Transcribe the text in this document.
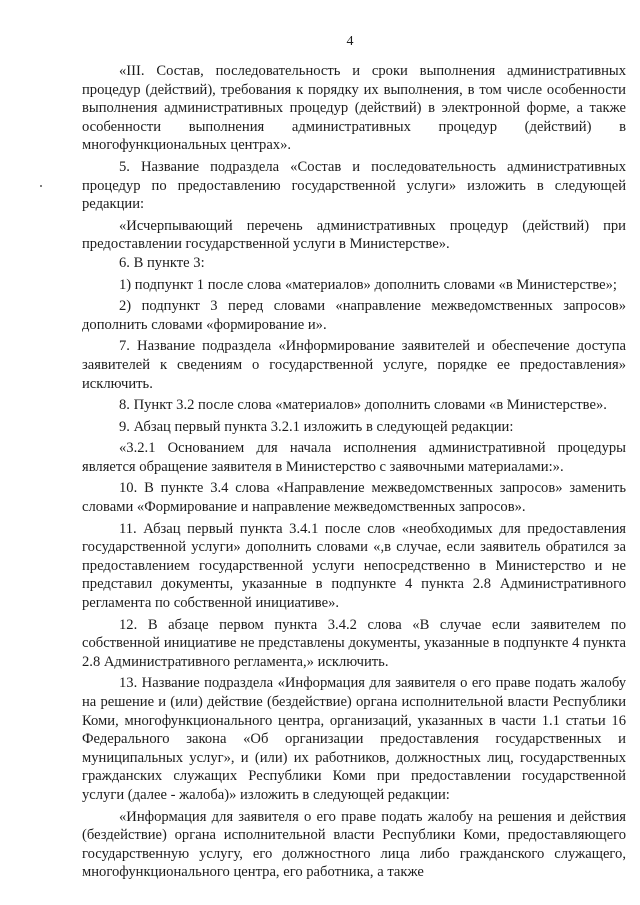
4

«III. Состав, последовательность и сроки выполнения административных процедур (действий), требования к порядку их выполнения, в том числе особенности выполнения административных процедур (действий) в электронной форме, а также особенности выполнения административных процедур (действий) в многофункциональных центрах».

5. Название подраздела «Состав и последовательность административных процедур по предоставлению государственной услуги» изложить в следующей редакции:

«Исчерпывающий перечень административных процедур (действий) при предоставлении государственной услуги в Министерстве».

6. В пункте 3:

1) подпункт 1 после слова «материалов» дополнить словами «в Министерстве»;

2) подпункт 3 перед словами «направление межведомственных запросов» дополнить словами «формирование и».

7. Название подраздела «Информирование заявителей и обеспечение доступа заявителей к сведениям о государственной услуге, порядке ее предоставления» исключить.

8. Пункт 3.2 после слова «материалов» дополнить словами «в Министерстве».

9. Абзац первый пункта 3.2.1 изложить в следующей редакции:

«3.2.1 Основанием для начала исполнения административной процедуры является обращение заявителя в Министерство с заявочными материалами:».

10. В пункте 3.4 слова «Направление межведомственных запросов» заменить словами «Формирование и направление межведомственных запросов».

11. Абзац первый пункта 3.4.1 после слов «необходимых для предоставления государственной услуги» дополнить словами «,в случае, если заявитель обратился за предоставлением государственной услуги непосредственно в Министерство и не представил документы, указанные в подпункте 4 пункта 2.8 Административного регламента по собственной инициативе».

12. В абзаце первом пункта 3.4.2 слова «В случае если заявителем по собственной инициативе не представлены документы, указанные в подпункте 4 пункта 2.8 Административного регламента,» исключить.

13. Название подраздела «Информация для заявителя о его праве подать жалобу на решение и (или) действие (бездействие) органа исполнительной власти Республики Коми, многофункционального центра, организаций, указанных в части 1.1 статьи 16 Федерального закона «Об организации предоставления государственных и муниципальных услуг», и (или) их работников, должностных лиц, государственных гражданских служащих Республики Коми при предоставлении государственной услуги (далее - жалоба)» изложить в следующей редакции:

«Информация для заявителя о его праве подать жалобу на решения и действия (бездействие) органа исполнительной власти Республики Коми, предоставляющего государственную услугу, его должностного лица либо гражданского служащего, многофункционального центра, его работника, а также
